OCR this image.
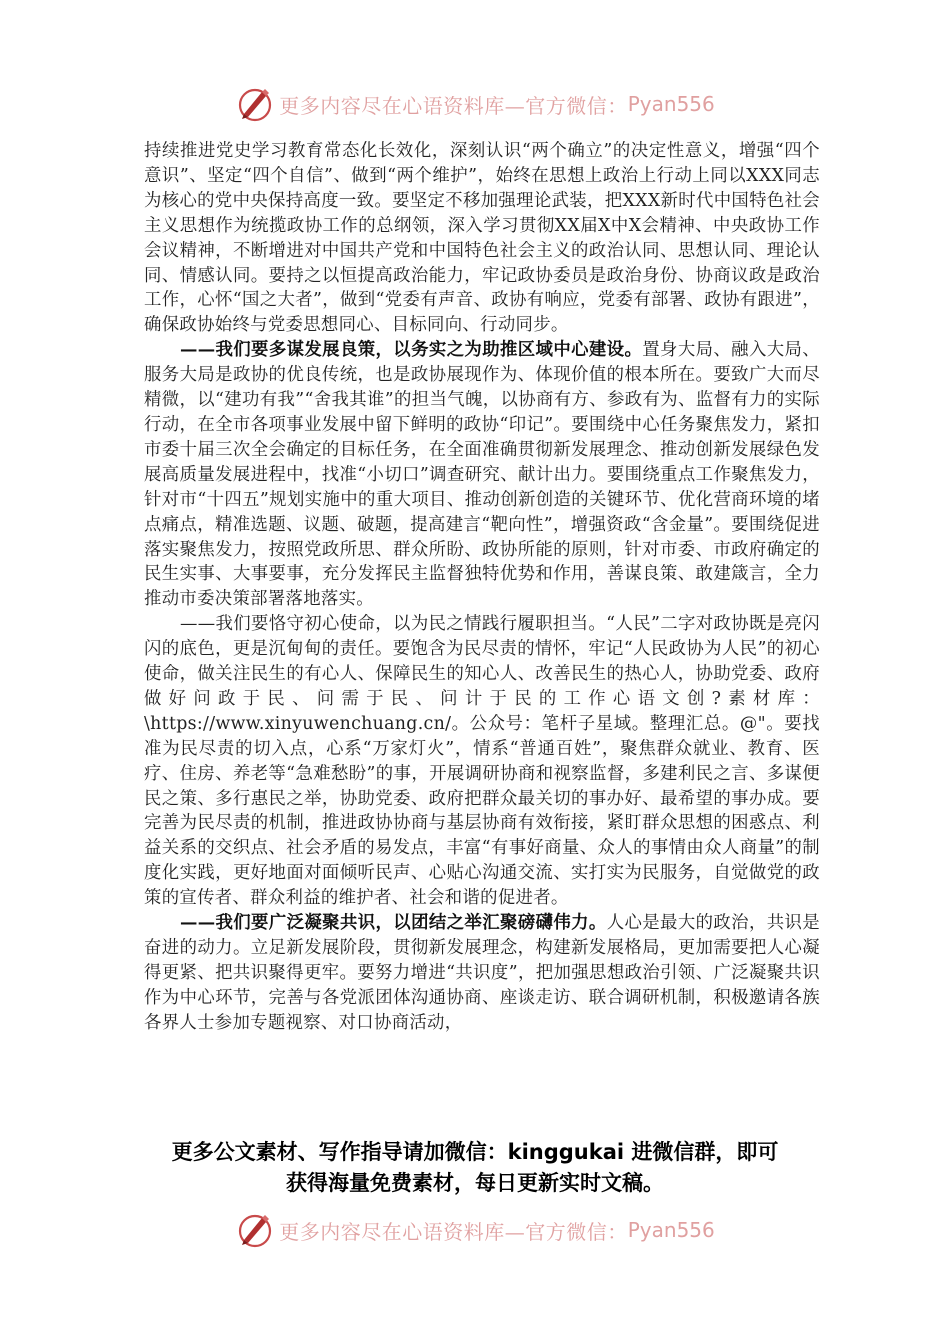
更多内容尽在心语资料库—官方微信： Pyan556

持续推进党史学习教育常态化长效化，深刻认识“两个确立”的决定性意义，增强“四个意识”、坚定“四个自信”、做到“两个维护”，始终在思想上政治上行动上同以XXX同志为核心的党中央保持高度一致。要坚定不移加强理论武装，把XXX新时代中国特色社会主义思想作为统揽政协工作的总纲领，深入学习贯彻XX届X中X会精神、中央政协工作会议精神，不断增进对中国共产党和中国特色社会主义的政治认同、思想认同、理论认同、情感认同。要持之以恒提高政治能力，牢记政协委员是政治身份、协商议政是政治工作，心怀“国之大者”，做到“党委有声音、政协有响应，党委有部署、政协有跟进”，确保政协始终与党委思想同心、目标同向、行动同步。

——我们要多谋发展良策，以务实之为助推区域中心建设。置身大局、融入大局、服务大局是政协的优良传统，也是政协展现作为、体现价值的根本所在。要致广大而尽精微，以“建功有我”“舍我其谁”的担当气魄，以协商有方、参政有为、监督有力的实际行动，在全市各项事业发展中留下鲜明的政协“印记”。要围绕中心任务聚焦发力，紧扣市委十届三次全会确定的目标任务，在全面准确贯彻新发展理念、推动创新发展绿色发展高质量发展进程中，找准“小切口”调查研究、献计出力。要围绕重点工作聚焦发力，针对市“十四五”规划实施中的重大项目、推动创新创造的关键环节、优化营商环境的堵点痛点，精准选题、议题、破题，提高建言“靶向性”，增强资政“含金量”。要围绕促进落实聚焦发力，按照党政所思、群众所盼、政协所能的原则，针对市委、市政府确定的民生实事、大事要事，充分发挥民主监督独特优势和作用，善谋良策、敢建箴言，全力推动市委决策部署落地落实。

——我们要恪守初心使命，以为民之情践行履职担当。“人民”二字对政协既是亮闪闪的底色，更是沉甸甸的责任。要饱含为民尽责的情怀，牢记“人民政协为人民”的初心使命，做关注民生的有心人、保障民生的知心人、改善民生的热心人，协助党委、政府做好问政于民、问需于民、问计于民的工作心语文创?素材库：\https://www.xinyuwenchuang.cn/。公众号：笔杆子星域。整理汇总。@"。要找准为民尽责的切入点，心系“万家灯火”，情系“普通百姓”，聚焦群众就业、教育、医疗、住房、养老等“急难愁盼”的事，开展调研协商和视察监督，多建利民之言、多谋便民之策、多行惠民之举，协助党委、政府把群众最关切的事办好、最希望的事办成。要完善为民尽责的机制，推进政协协商与基层协商有效衔接，紧盯群众思想的困惑点、利益关系的交织点、社会矛盾的易发点，丰富“有事好商量、众人的事情由众人商量”的制度化实践，更好地面对面倾听民声、心贴心沟通交流、实打实为民服务，自觉做党的政策的宣传者、群众利益的维护者、社会和谐的促进者。

——我们要广泛凝聚共识，以团结之举汇聚磅礴伟力。人心是最大的政治，共识是奋进的动力。立足新发展阶段，贯彻新发展理念，构建新发展格局，更加需要把人心凝得更紧、把共识聚得更牢。要努力增进“共识度”，把加强思想政治引领、广泛凝聚共识作为中心环节，完善与各党派团体沟通协商、座谈走访、联合调研机制，积极邀请各族各界人士参加专题视察、对口协商活动，

更多公文素材、写作指导请加微信：kinggukai 进微信群，即可
获得海量免费素材，每日更新实时文稿。
更多内容尽在心语资料库—官方微信： Pyan556
